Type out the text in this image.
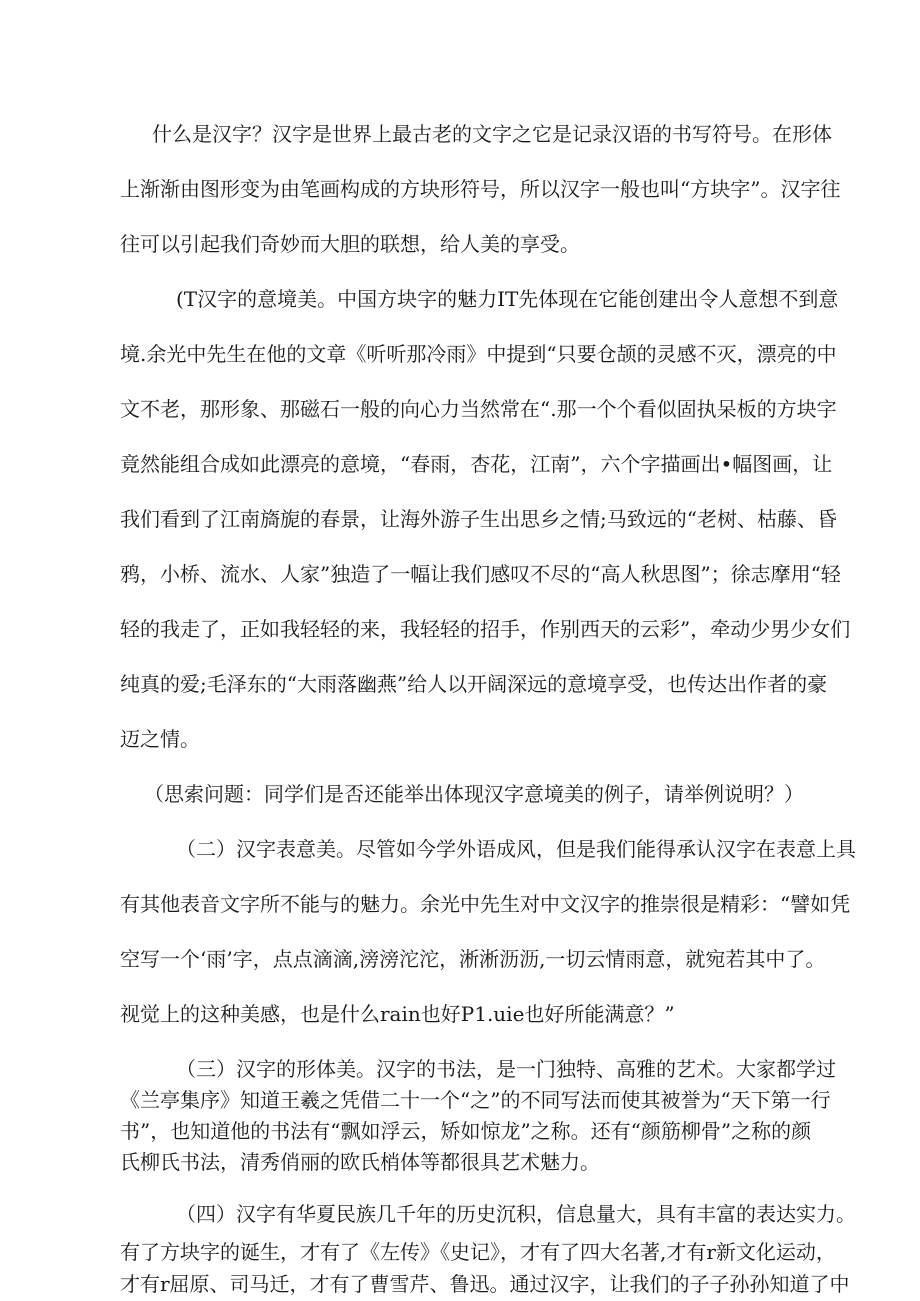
什么是汉字？汉字是世界上最古老的文字之它是记录汉语的书写符号。在形体

上渐渐由图形变为由笔画构成的方块形符号，所以汉字一般也叫“方块字”。汉字往

往可以引起我们奇妙而大胆的联想，给人美的享受。

(T汉字的意境美。中国方块字的魅力IT先体现在它能创建出令人意想不到意

境.余光中先生在他的文章《听听那冷雨》中提到“只要仓颉的灵感不灭，漂亮的中

文不老，那形象、那磁石一般的向心力当然常在“.那一个个看似固执呆板的方块字

竟然能组合成如此漂亮的意境，“春雨，杏花，江南”，六个字描画出•幅图画，让

我们看到了江南旖旎的春景，让海外游子生出思乡之情;马致远的“老树、枯藤、昏

鸦，小桥、流水、人家”独造了一幅让我们感叹不尽的“高人秋思图”；徐志摩用“轻

轻的我走了，正如我轻轻的来，我轻轻的招手，作别西天的云彩”，牵动少男少女们

纯真的爱;毛泽东的“大雨落幽燕”给人以开阔深远的意境享受，也传达出作者的豪

迈之情。

（思索问题：同学们是否还能举出体现汉字意境美的例子，请举例说明？）

（二）汉字表意美。尽管如今学外语成风，但是我们能得承认汉字在表意上具

有其他表音文字所不能与的魅力。余光中先生对中文汉字的推崇很是精彩：“譬如凭

空写一个‘雨’字，点点滴滴,滂滂沱沱，淅淅沥沥,一切云情雨意，就宛若其中了。

视觉上的这种美感，也是什么rain也好P1.uie也好所能满意？”

（三）汉字的形体美。汉字的书法，是一门独特、高雅的艺术。大家都学过

《兰亭集序》知道王羲之凭借二十一个“之”的不同写法而使其被誉为“天下第一行

书”，也知道他的书法有“飘如浮云，矫如惊龙”之称。还有“颜筋柳骨”之称的颜

氏柳氏书法，清秀俏丽的欧氏梢体等都很具艺术魅力。

（四）汉字有华夏民族几千年的历史沉积，信息量大，具有丰富的表达实力。

有了方块字的诞生，才有了《左传》《史记》，才有了四大名著,才有r新文化运动，

才有r屈原、司马迁，才有了曹雪芹、鲁迅。通过汉字，让我们的子子孙孙知道了中
